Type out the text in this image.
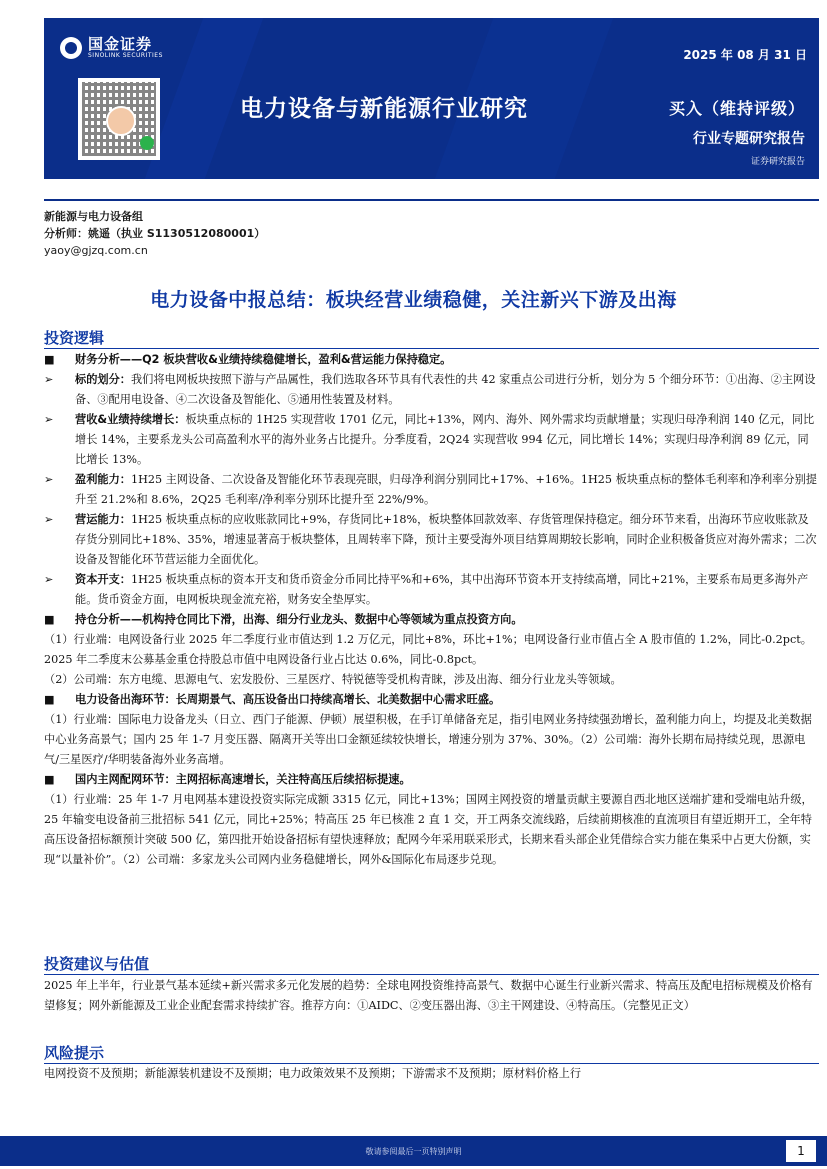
国金证券
SINOLINK SECURITIES	2025 年 08 月 31 日
电力设备与新能源行业研究	买入（维持评级）
行业专题研究报告
证券研究报告
新能源与电力设备组
分析师：姚遥（执业 S1130512080001）
yaoy@gjzq.com.cn
电力设备中报总结：板块经营业绩稳健，关注新兴下游及出海
投资逻辑
■ 财务分析——Q2 板块营收&业绩持续稳健增长，盈利&营运能力保持稳定。
➢ 标的划分：我们将电网板块按照下游与产品属性，我们选取各环节具有代表性的共 42 家重点公司进行分析，划分为 5 个细分环节：①出海、②主网设备、③配用电设备、④二次设备及智能化、⑤通用性装置及材料。
➢ 营收&业绩持续增长：板块重点标的 1H25 实现营收 1701 亿元，同比+13%，网内、海外、网外需求均贡献增量；实现归母净利润 140 亿元，同比增长 14%，主要系龙头公司高盈利水平的海外业务占比提升。分季度看，2Q24 实现营收 994 亿元，同比增长 14%；实现归母净利润 89 亿元，同比增长 13%。
➢ 盈利能力：1H25 主网设备、二次设备及智能化环节表现亮眼，归母净利润分别同比+17%、+16%。1H25 板块重点标的整体毛利率和净利率分别提升至 21.2%和 8.6%，2Q25 毛利率/净利率分别环比提升至 22%/9%。
➢ 营运能力：1H25 板块重点标的应收账款同比+9%，存货同比+18%，板块整体回款效率、存货管理保持稳定。细分环节来看，出海环节应收账款及存货分别同比+18%、35%，增速显著高于板块整体，且周转率下降，预计主要受海外项目结算周期较长影响，同时企业积极备货应对海外需求；二次设备及智能化环节营运能力全面优化。
➢ 资本开支：1H25 板块重点标的资本开支和货币资金分币同比持平%和+6%，其中出海环节资本开支持续高增，同比+21%，主要系布局更多海外产能。货币资金方面，电网板块现金流充裕，财务安全垫厚实。
■ 持仓分析——机构持仓同比下滑，出海、细分行业龙头、数据中心等领域为重点投资方向。
（1）行业端：电网设备行业 2025 年二季度行业市值达到 1.2 万亿元，同比+8%，环比+1%；电网设备行业市值占全 A 股市值的 1.2%，同比-0.2pct。2025 年二季度末公募基金重仓持股总市值中电网设备行业占比达 0.6%，同比-0.8pct。
（2）公司端：东方电缆、思源电气、宏发股份、三星医疗、特锐德等受机构青睐，涉及出海、细分行业龙头等领域。
■ 电力设备出海环节：长周期景气、高压设备出口持续高增长、北美数据中心需求旺盛。
（1）行业端：国际电力设备龙头（日立、西门子能源、伊顿）展望积极，在手订单储备充足，指引电网业务持续强劲增长，盈利能力向上，均提及北美数据中心业务高景气；国内 25 年 1-7 月变压器、隔离开关等出口金额延续较快增长，增速分别为 37%、30%。（2）公司端：海外长期布局持续兑现，思源电气/三星医疗/华明装备海外业务高增。
■ 国内主网配网环节：主网招标高速增长，关注特高压后续招标提速。
（1）行业端：25 年 1-7 月电网基本建设投资实际完成额 3315 亿元，同比+13%；国网主网投资的增量贡献主要源自西北地区送端扩建和受端电站升级，25 年输变电设备前三批招标 541 亿元，同比+25%；特高压 25 年已核准 2 直 1 交，开工两条交流线路，后续前期核准的直流项目有望近期开工，全年特高压设备招标额预计突破 500 亿，第四批开始设备招标有望快速释放；配网今年采用联采形式，长期来看头部企业凭借综合实力能在集采中占更大份额，实现“以量补价”。（2）公司端：多家龙头公司网内业务稳健增长，网外&国际化布局逐步兑现。
投资建议与估值
2025 年上半年，行业景气基本延续+新兴需求多元化发展的趋势：全球电网投资维持高景气、数据中心诞生行业新兴需求、特高压及配电招标规模及价格有望修复；网外新能源及工业企业配套需求持续扩容。推荐方向：①AIDC、②变压器出海、③主干网建设、④特高压。（完整见正文）
风险提示
电网投资不及预期；新能源装机建设不及预期；电力政策效果不及预期；下游需求不及预期；原材料价格上行
敬请参阅最后一页特别声明	1
